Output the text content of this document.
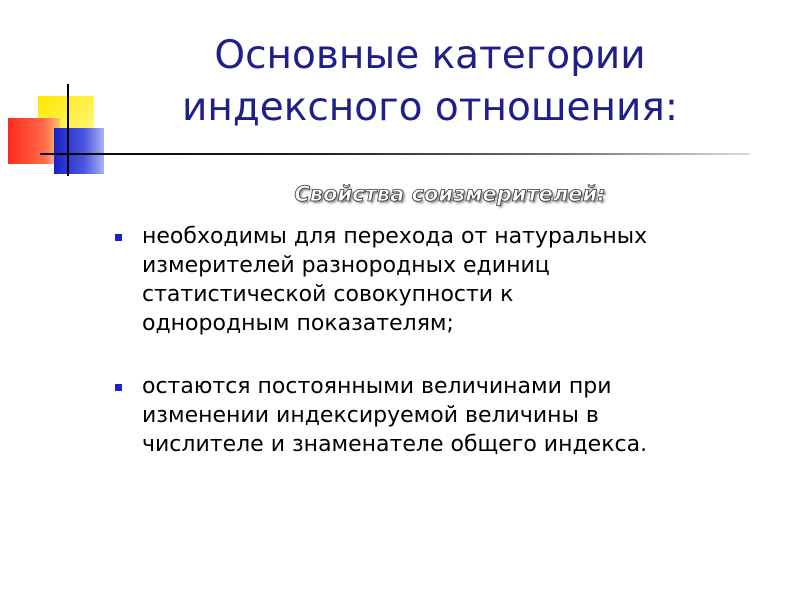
Основные категории
индексного отношения:
Свойства соизмерителей:
необходимы для перехода от натуральных
измерителей разнородных единиц
статистической совокупности к
однородным показателям;
остаются постоянными величинами при
изменении индексируемой величины в
числителе и знаменателе общего индекса.
